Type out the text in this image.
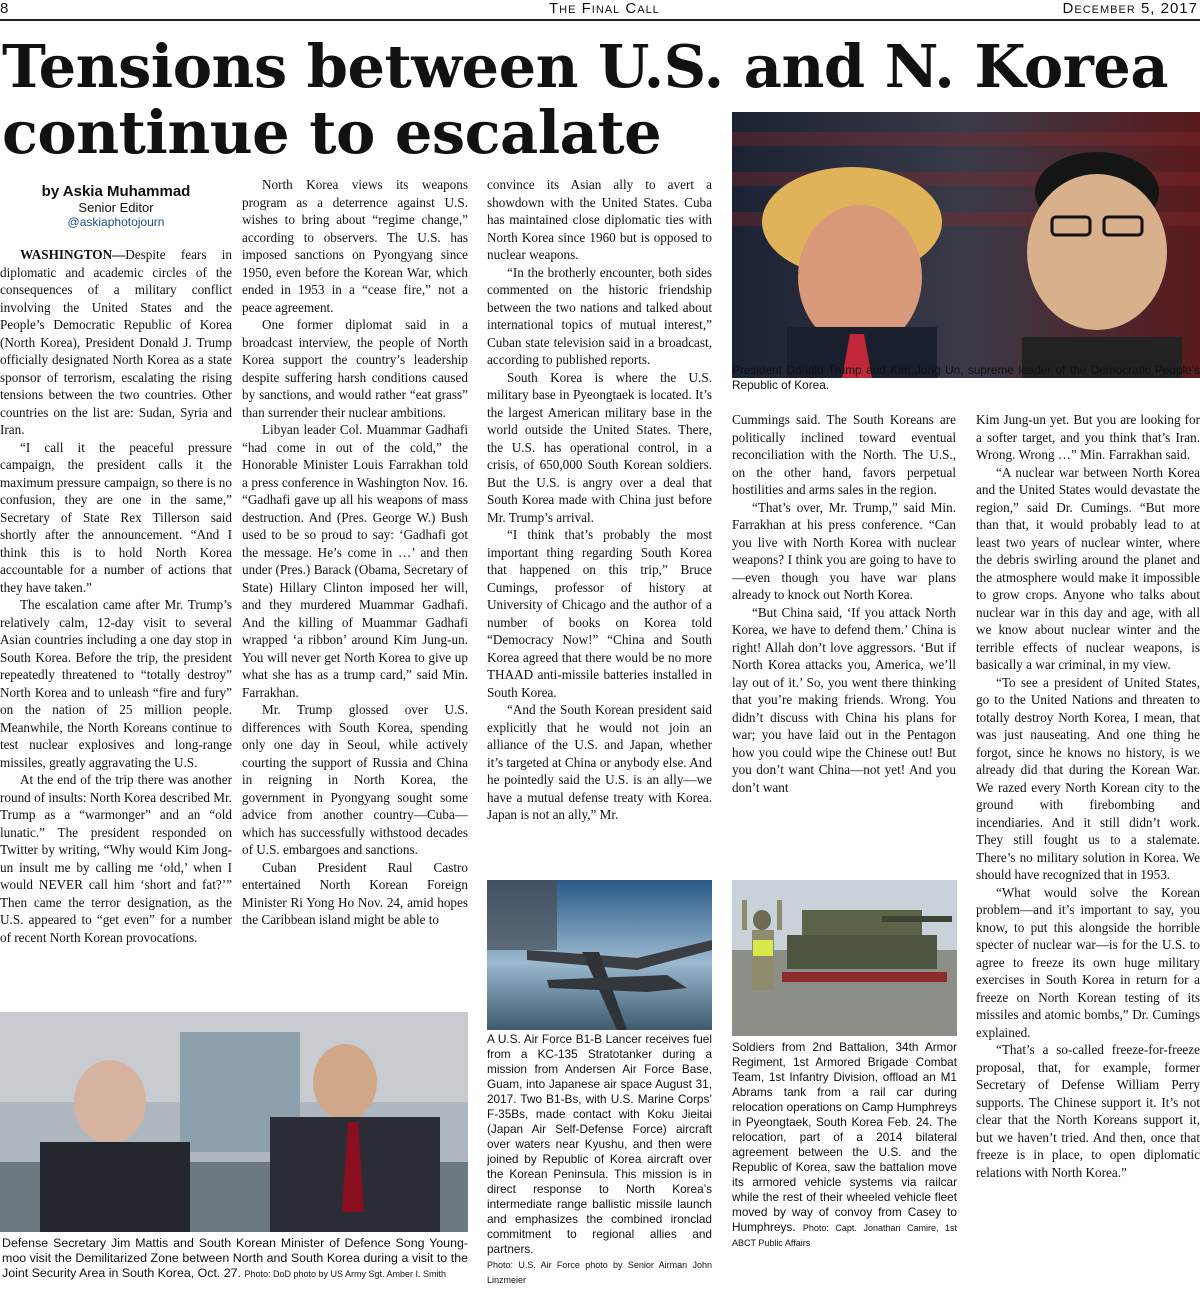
8	The Final Call	December 5, 2017
Tensions between U.S. and N. Korea
continue to escalate
President Donald Trump and Kim Jong Un, supreme leader of the Democratic People’s Republic of Korea.
by Askia Muhammad
Senior Editor
@askiaphotojourn

WASHINGTON—Despite fears in diplomatic and academic circles of the consequences of a military conflict involving the United States and the People’s Democratic Republic of Korea (North Korea), President Donald J. Trump officially designated North Korea as a state sponsor of terrorism, escalating the rising tensions between the two countries. Other countries on the list are: Sudan, Syria and Iran.

“I call it the peaceful pressure campaign, the president calls it the maximum pressure campaign, so there is no confusion, they are one in the same,” Secretary of State Rex Tillerson said shortly after the announcement. “And I think this is to hold North Korea accountable for a number of actions that they have taken.”

The escalation came after Mr. Trump’s relatively calm, 12-day visit to several Asian countries including a one day stop in South Korea. Before the trip, the president repeatedly threatened to “totally destroy” North Korea and to unleash “fire and fury” on the nation of 25 million people. Meanwhile, the North Koreans continue to test nuclear explosives and long-range missiles, greatly aggravating the U.S.

At the end of the trip there was another round of insults: North Korea described Mr. Trump as a “warmonger” and an “old lunatic.” The president responded on Twitter by writing, “Why would Kim Jong-un insult me by calling me ‘old,’ when I would NEVER call him ‘short and fat?’” Then came the terror designation, as the U.S. appeared to “get even” for a number of recent North Korean provocations.

North Korea views its weapons program as a deterrence against U.S. wishes to bring about “regime change,” according to observers. The U.S. has imposed sanctions on Pyongyang since 1950, even before the Korean War, which ended in 1953 in a “cease fire,” not a peace agreement.

One former diplomat said in a broadcast interview, the people of North Korea support the country’s leadership despite suffering harsh conditions caused by sanctions, and would rather “eat grass” than surrender their nuclear ambitions.

Libyan leader Col. Muammar Gadhafi “had come in out of the cold,” the Honorable Minister Louis Farrakhan told a press conference in Washington Nov. 16. “Gadhafi gave up all his weapons of mass destruction. And (Pres. George W.) Bush used to be so proud to say: ‘Gadhafi got the message. He’s come in …’ and then under (Pres.) Barack (Obama, Secretary of State) Hillary Clinton imposed her will, and they murdered Muammar Gadhafi. And the killing of Muammar Gadhafi wrapped ‘a ribbon’ around Kim Jung-un. You will never get North Korea to give up what she has as a trump card,” said Min. Farrakhan.

Mr. Trump glossed over U.S. differences with South Korea, spending only one day in Seoul, while actively courting the support of Russia and China in reigning in North Korea, the government in Pyongyang sought some advice from another country—Cuba—which has successfully withstood decades of U.S. embargoes and sanctions.

Cuban President Raul Castro entertained North Korean Foreign Minister Ri Yong Ho Nov. 24, amid hopes the Caribbean island might be able to

convince its Asian ally to avert a showdown with the United States. Cuba has maintained close diplomatic ties with North Korea since 1960 but is opposed to nuclear weapons.

“In the brotherly encounter, both sides commented on the historic friendship between the two nations and talked about international topics of mutual interest,” Cuban state television said in a broadcast, according to published reports.

South Korea is where the U.S. military base in Pyeongtaek is located. It’s the largest American military base in the world outside the United States. There, the U.S. has operational control, in a crisis, of 650,000 South Korean soldiers. But the U.S. is angry over a deal that South Korea made with China just before Mr. Trump’s arrival.

“I think that’s probably the most important thing regarding South Korea that happened on this trip,” Bruce Cumings, professor of history at University of Chicago and the author of a number of books on Korea told “Democracy Now!” “China and South Korea agreed that there would be no more THAAD anti-missile batteries installed in South Korea.

“And the South Korean president said explicitly that he would not join an alliance of the U.S. and Japan, whether it’s targeted at China or anybody else. And he pointedly said the U.S. is an ally—we have a mutual defense treaty with Korea. Japan is not an ally,” Mr.

Cummings said. The South Koreans are politically inclined toward eventual reconciliation with the North. The U.S., on the other hand, favors perpetual hostilities and arms sales in the region.

“That’s over, Mr. Trump,” said Min. Farrakhan at his press conference. “Can you live with North Korea with nuclear weapons? I think you are going to have to—even though you have war plans already to knock out North Korea.

“But China said, ‘If you attack North Korea, we have to defend them.’ China is right! Allah don’t love aggressors. ‘But if North Korea attacks you, America, we’ll lay out of it.’ So, you went there thinking that you’re making friends. Wrong. You didn’t discuss with China his plans for war; you have laid out in the Pentagon how you could wipe the Chinese out! But you don’t want China—not yet! And you don’t want

Kim Jung-un yet. But you are looking for a softer target, and you think that’s Iran. Wrong. Wrong …” Min. Farrakhan said.

“A nuclear war between North Korea and the United States would devastate the region,” said Dr. Cumings. “But more than that, it would probably lead to at least two years of nuclear winter, where the debris swirling around the planet and the atmosphere would make it impossible to grow crops. Anyone who talks about nuclear war in this day and age, with all we know about nuclear winter and the terrible effects of nuclear weapons, is basically a war criminal, in my view.

“To see a president of United States, go to the United Nations and threaten to totally destroy North Korea, I mean, that was just nauseating. And one thing he forgot, since he knows no history, is we already did that during the Korean War. We razed every North Korean city to the ground with firebombing and incendiaries. And it still didn’t work. They still fought us to a stalemate. There’s no military solution in Korea. We should have recognized that in 1953.

“What would solve the Korean problem—and it’s important to say, you know, to put this alongside the horrible specter of nuclear war—is for the U.S. to agree to freeze its own huge military exercises in South Korea in return for a freeze on North Korean testing of its missiles and atomic bombs,” Dr. Cumings explained.

“That’s a so-called freeze-for-freeze proposal, that, for example, former Secretary of Defense William Perry supports. The Chinese support it. It’s not clear that the North Koreans support it, but we haven’t tried. And then, once that freeze is in place, to open diplomatic relations with North Korea.”

Defense Secretary Jim Mattis and South Korean Minister of Defence Song Young-moo visit the Demilitarized Zone between North and South Korea during a visit to the Joint Security Area in South Korea, Oct. 27. Photo: DoD photo by US Army Sgt. Amber I. Smith
A U.S. Air Force B1-B Lancer receives fuel from a KC-135 Stratotanker during a mission from Andersen Air Force Base, Guam, into Japanese air space August 31, 2017. Two B1-Bs, with U.S. Marine Corps’ F-35Bs, made contact with Koku Jieitai (Japan Air Self-Defense Force) aircraft over waters near Kyushu, and then were joined by Republic of Korea aircraft over the Korean Peninsula. This mission is in direct response to North Korea’s intermediate range ballistic missile launch and emphasizes the combined ironclad commitment to regional allies and partners.
Photo: U.S. Air Force photo by Senior Airman John Linzmeier
Soldiers from 2nd Battalion, 34th Armor Regiment, 1st Armored Brigade Combat Team, 1st Infantry Division, offload an M1 Abrams tank from a rail car during relocation operations on Camp Humphreys in Pyeongtaek, South Korea Feb. 24. The relocation, part of a 2014 bilateral agreement between the U.S. and the Republic of Korea, saw the battalion move its armored vehicle systems via railcar while the rest of their wheeled vehicle fleet moved by way of convoy from Casey to Humphreys. Photo: Capt. Jonathan Camire, 1st ABCT Public Affairs
